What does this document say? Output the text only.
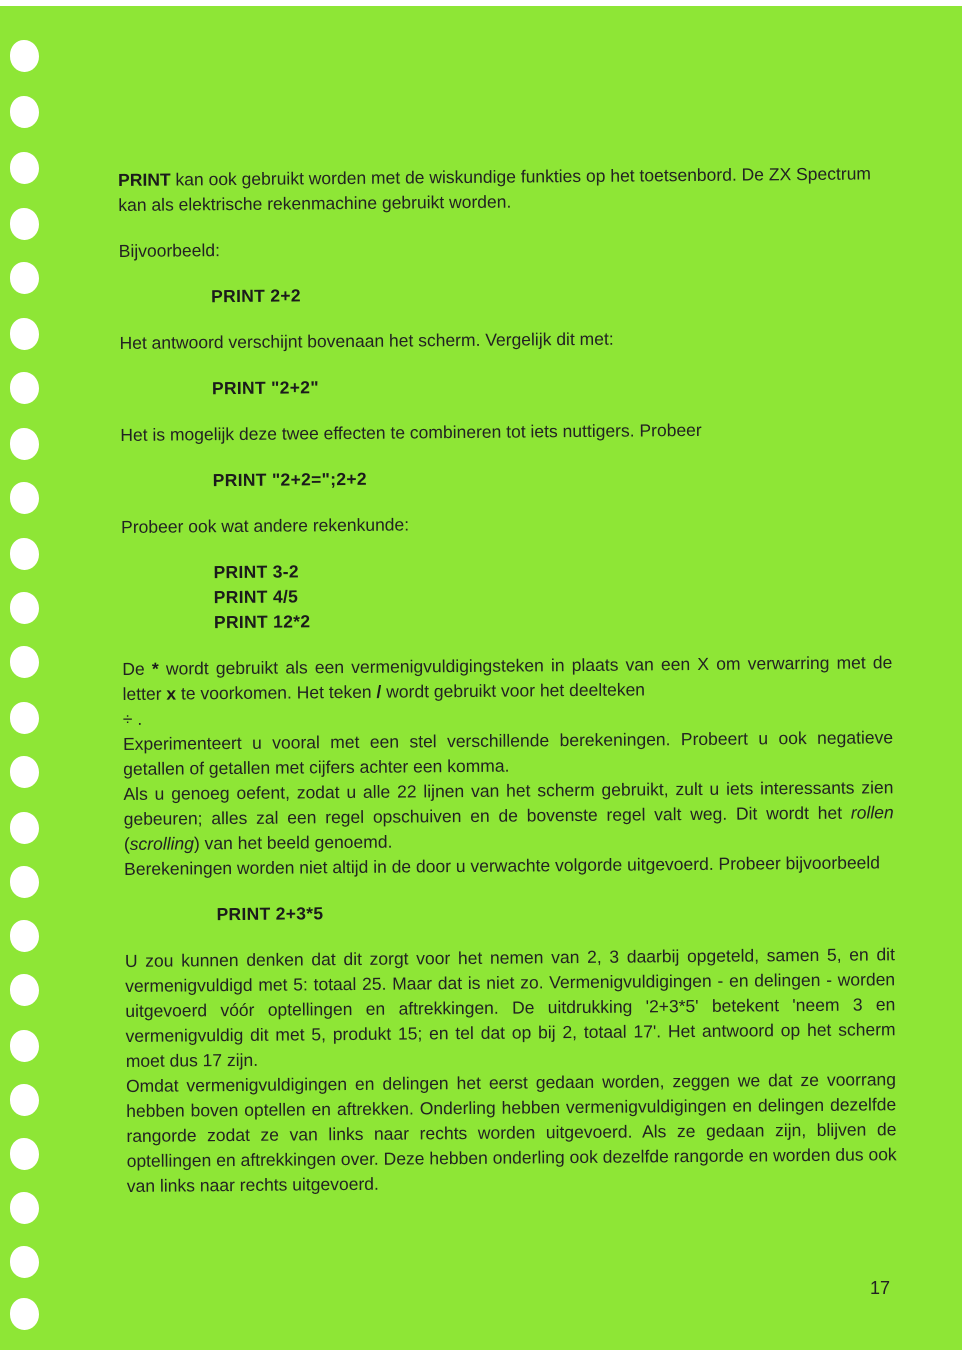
PRINT kan ook gebruikt worden met de wiskundige funkties op het toetsenbord. De ZX Spectrum kan als elektrische rekenmachine gebruikt worden.

Bijvoorbeeld:

PRINT 2+2

Het antwoord verschijnt bovenaan het scherm. Vergelijk dit met:

PRINT "2+2"

Het is mogelijk deze twee effecten te combineren tot iets nuttigers. Probeer

PRINT "2+2=";2+2

Probeer ook wat andere rekenkunde:

PRINT 3-2

PRINT 4/5

PRINT 12*2

De * wordt gebruikt als een vermenigvuldigingsteken in plaats van een X om verwarring met de letter x te voorkomen. Het teken / wordt gebruikt voor het deelteken

÷ .

Experimenteert u vooral met een stel verschillende berekeningen. Probeert u ook negatieve getallen of getallen met cijfers achter een komma.

Als u genoeg oefent, zodat u alle 22 lijnen van het scherm gebruikt, zult u iets interessants zien gebeuren; alles zal een regel opschuiven en de bovenste regel valt weg. Dit wordt het rollen (scrolling) van het beeld genoemd.

Berekeningen worden niet altijd in de door u verwachte volgorde uitgevoerd. Probeer bijvoorbeeld

PRINT 2+3*5

U zou kunnen denken dat dit zorgt voor het nemen van 2, 3 daarbij opgeteld, samen 5, en dit vermenigvuldigd met 5: totaal 25. Maar dat is niet zo. Vermenigvuldigingen - en delingen - worden uitgevoerd vóór optellingen en aftrekkingen. De uitdrukking '2+3*5' betekent 'neem 3 en vermenigvuldig dit met 5, produkt 15; en tel dat op bij 2, totaal 17'. Het antwoord op het scherm moet dus 17 zijn.

Omdat vermenigvuldigingen en delingen het eerst gedaan worden, zeggen we dat ze voorrang hebben boven optellen en aftrekken. Onderling hebben vermenigvuldigingen en delingen dezelfde rangorde zodat ze van links naar rechts worden uitgevoerd. Als ze gedaan zijn, blijven de optellingen en aftrekkingen over. Deze hebben onderling ook dezelfde rangorde en worden dus ook van links naar rechts uitgevoerd.

17
